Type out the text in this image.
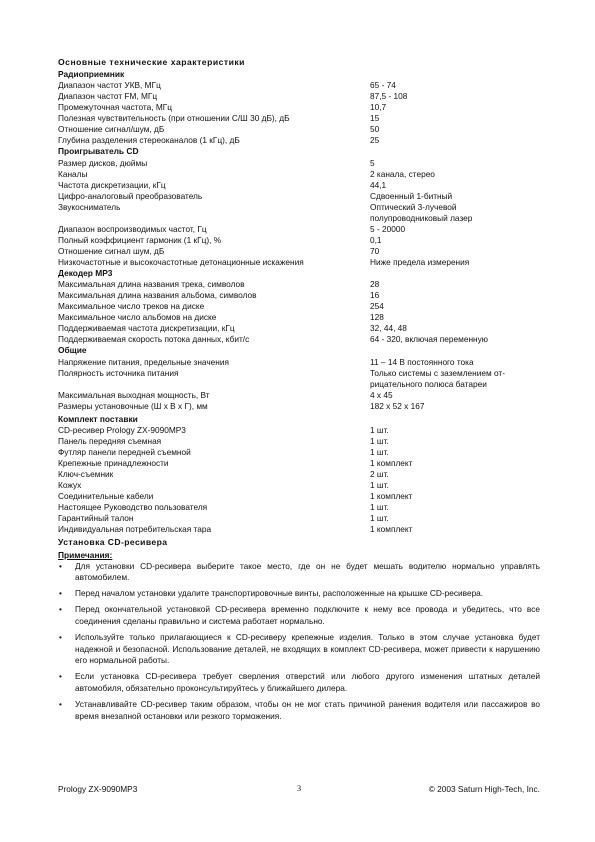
Основные технические характеристики
Радиоприемник
Диапазон частот УКВ, МГц	65 - 74
Диапазон частот FM, МГц	87,5 - 108
Промежуточная частота, МГц	10,7
Полезная чувствительность (при отношении С/Ш 30 дБ), дБ	15
Отношение сигнал/шум, дБ	50
Глубина разделения стереоканалов (1 кГц), дБ	25
Проигрыватель CD
Размер дисков, дюймы	5
Каналы	2 канала, стерео
Частота дискретизации, кГц	44,1
Цифро-аналоговый преобразователь	Сдвоенный 1-битный
Звукосниматель	Оптический 3-лучевой
полупроводниковый лазер
Диапазон воспроизводимых частот, Гц	5 - 20000
Полный коэффициент гармоник (1 кГц), %	0,1
Отношение сигнал шум, дБ	70
Низкочастотные и высокочастотные детонационные искажения	Ниже предела измерения
Декодер MP3
Максимальная длина названия трека, символов	28
Максимальная длина названия альбома, символов	16
Максимальное число треков на диске	254
Максимальное число альбомов на диске	128
Поддерживаемая частота дискретизации, кГц	32, 44, 48
Поддерживаемая скорость потока данных, кбит/с	64 - 320, включая переменную
Общие
Напряжение питания, предельные значения	11 – 14 В постоянного тока
Полярность источника питания	Только системы с заземлением от-
рицательного полюса батареи
Максимальная выходная мощность, Вт	4 x 45
Размеры установочные (Ш х В х Г), мм	182 x 52 x 167
Комплект поставки
CD-ресивер Prology ZX-9090MP3	1 шт.
Панель передняя съемная	1 шт.
Футляр панели передней съемной	1 шт.
Крепежные принадлежности	1 комплект
Ключ-съемник	2 шт.
Кожух	1 шт.
Соединительные кабели	1 комплект
Настоящее Руководство пользователя	1 шт.
Гарантийный талон	1 шт.
Индивидуальная потребительская тара	1 комплект
Установка CD-ресивера
Примечания:
• Для установки CD-ресивера выберите такое место, где он не будет мешать водителю нормально управлять автомобилем.
• Перед началом установки удалите транспортировочные винты, расположенные на крышке CD-ресивера.
• Перед окончательной установкой CD-ресивера временно подключите к нему все провода и убедитесь, что все соединения сделаны правильно и система работает нормально.
• Используйте только прилагающиеся к CD-ресиверу крепежные изделия. Только в этом случае установка будет надежной и безопасной. Использование деталей, не входящих в комплект CD-ресивера, может привести к нарушению его нормальной работы.
• Если установка CD-ресивера требует сверления отверстий или любого другого изменения штатных деталей автомобиля, обязательно проконсультируйтесь у ближайшего дилера.
• Устанавливайте CD-ресивер таким образом, чтобы он не мог стать причиной ранения водителя или пассажиров во время внезапной остановки или резкого торможения.
Prology ZX-9090MP3	3	© 2003 Saturn High-Tech, Inc.
